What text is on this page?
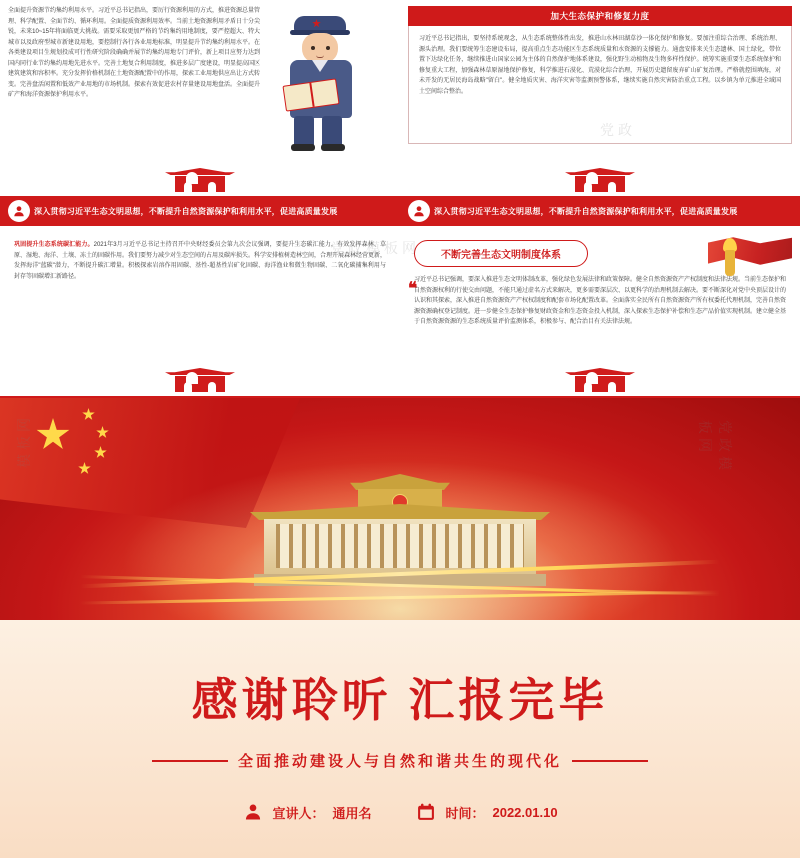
全面提升资源节约集约利用水平。习近平总书记指出，要厉行资源利用的方式，推进资源总量管理、科学配置、全面节约、循环利用。全面提质资源利用效率。当前土地资源利用矛盾日十分尖锐，未来10~15年将面临更大挑战。需要采取更加严格的节约集约用地制度，要严控超大、特大城市以及政府型城市新建设用地，要控制行各行各业用地标准，明显提升节约集约利用水平。在各类建设项目生规划投成可行性研究阶段确确并展节约集约用地专门评价，新上项目应努力达到国内同行业节约集约用地先进水平。完善土地复合利用制度，推进多层广度建设，明显提高国区建筑建筑和容积率。充分发挥价格机制在土地资源配置中的作用，探索工业用地供应出让方式转变。完善盘活闲置和低效产业用地的市场机制。探索有效促进农村存量建设用地盘活。全面提升矿产和海洋资源保护利用水平。
加大生态保护和修复力度
习近平总书记指出，要坚持系统观念，从生态系统整体性出发，推进山水林田湖草沙一体化保护和修复。要加注重综合治理、系统治理、源头治理。我们要统筹生态建设布局，提高重点生态功能区生态系统质量和水资源的支撑能力。通盘安排来关生态遗林、国土绿化，带位置下达绿化任务，继续推进山国家公园为主体的自然保护地体系建设，强化野生动植物及生物多样性保护。统筹实施重要生态系统保护和修复重大工程，加强森林草原湿地保护修复，科学推进石漠化、荒漠化综合治理，开展历史遗留废弃矿山矿复治理。严格就控围填海，对未开发的无居民海岛战略"留白"。健全地质灾害、海洋灾害等监测预警体系，继续实施自然灾害防治重点工程。以乡镇为单元推进全域国土空间综合整治。
深入贯彻习近平生态文明思想，不断提升自然资源保护和利用水平，促进高质量发展	深入贯彻习近平生态文明思想，不断提升自然资源保护和利用水平，促进高质量发展
巩固提升生态系统碳汇能力。2021年3月习近平总书记主持召开中央财经委员会第九次会议强调，要提升生态碳汇能力，有效发挥森林、草原、湿地、海洋、土壤、冻土的固碳作用。我们要努力减少对生态空间的占用及碳库损失。科学安排植树造林空间，合理开展森林经营更新，发挥海洋"蓝碳"潜力，不断提升碳汇增量。积极探索岩溶作用固碳、基性-超基性岩矿化固碳、海洋渔业和微生物固碳、二氧化碳捕集利用与封存等固碳增汇新路径。
不断完善生态文明制度体系
❝
习近平总书记强调，要深入推进生态文明体制改革，强化绿色发展法律和政策保障。健全自然资源资产产权制度和法律法规。当前生态保护和自然资源权利的行使交由问题，不能只通过虚名方式来解决，更多需要深层次、以更科学的治理机制去解决。要不断深化对党中央顶层设计的认识和其探索，深入推进自然资源资产产权权制度和配套市场化配置改革。全面落实全民所有自然资源资产所有权委托代理机制，完善自然资源资源确权登记制度。进一步健全生态保护修复财政资金和生态资金投入机制，深入探索生态保护补偿和生态产品价值实现机制。建立健全基于自然资源资源的生态系统质量评价监测体系，积极参与、配合治目有关法律法规。
感谢聆听 汇报完毕
全面推动建设人与自然和谐共生的现代化
宣讲人： 通用名	时间： 2022.01.10
党政模板网
模板网	党政模板网
党政
